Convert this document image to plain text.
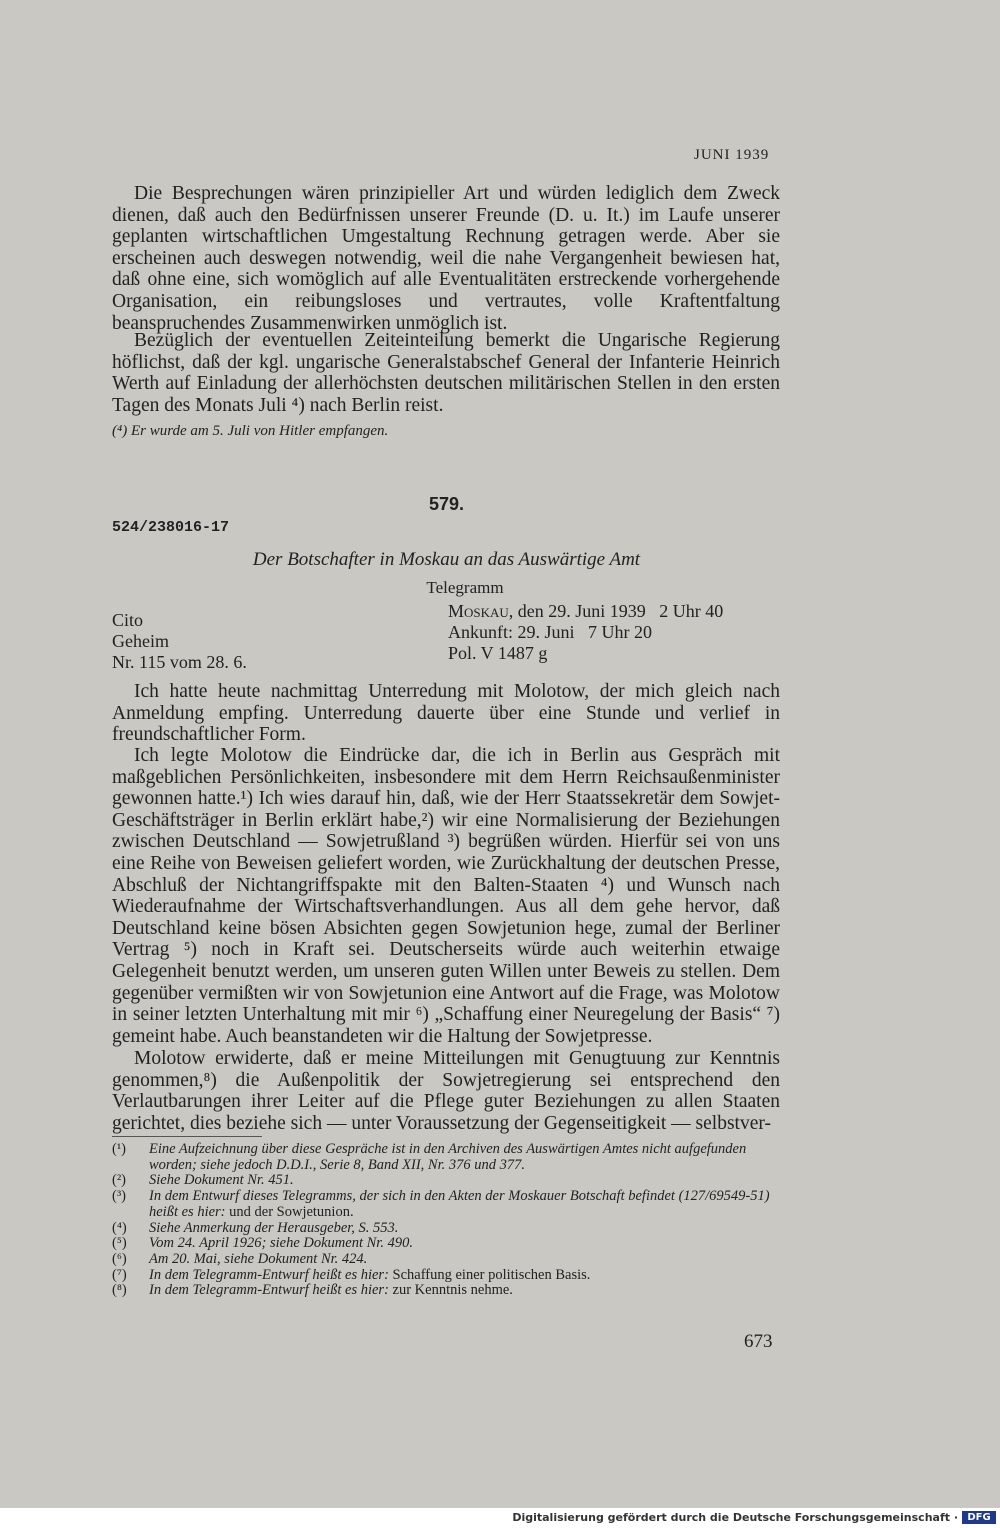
JUNI 1939
Die Besprechungen wären prinzipieller Art und würden lediglich dem Zweck dienen, daß auch den Bedürfnissen unserer Freunde (D. u. It.) im Laufe unserer geplanten wirtschaftlichen Umgestaltung Rechnung getragen werde. Aber sie erscheinen auch deswegen notwendig, weil die nahe Vergangenheit bewiesen hat, daß ohne eine, sich womöglich auf alle Eventualitäten erstreckende vorhergehende Organisation, ein reibungsloses und vertrautes, volle Kraftentfaltung beanspruchendes Zusammenwirken unmöglich ist.
Bezüglich der eventuellen Zeiteinteilung bemerkt die Ungarische Regierung höflichst, daß der kgl. ungarische Generalstabschef General der Infanterie Heinrich Werth auf Einladung der allerhöchsten deutschen militärischen Stellen in den ersten Tagen des Monats Juli ⁴) nach Berlin reist.
(⁴) Er wurde am 5. Juli von Hitler empfangen.
579.
524/238016-17
Der Botschafter in Moskau an das Auswärtige Amt
Telegramm
Cito
Geheim
Nr. 115 vom 28. 6.
Moskau, den 29. Juni 1939   2 Uhr 40
Ankunft: 29. Juni   7 Uhr 20
Pol. V 1487 g
Ich hatte heute nachmittag Unterredung mit Molotow, der mich gleich nach Anmeldung empfing. Unterredung dauerte über eine Stunde und verlief in freundschaftlicher Form.
Ich legte Molotow die Eindrücke dar, die ich in Berlin aus Gespräch mit maßgeblichen Persönlichkeiten, insbesondere mit dem Herrn Reichsaußenminister gewonnen hatte.¹) Ich wies darauf hin, daß, wie der Herr Staatssekretär dem Sowjet-Geschäftsträger in Berlin erklärt habe,²) wir eine Normalisierung der Beziehungen zwischen Deutschland — Sowjetrußland ³) begrüßen würden. Hierfür sei von uns eine Reihe von Beweisen geliefert worden, wie Zurückhaltung der deutschen Presse, Abschluß der Nichtangriffspakte mit den Balten-Staaten ⁴) und Wunsch nach Wiederaufnahme der Wirtschaftsverhandlungen. Aus all dem gehe hervor, daß Deutschland keine bösen Absichten gegen Sowjetunion hege, zumal der Berliner Vertrag ⁵) noch in Kraft sei. Deutscherseits würde auch weiterhin etwaige Gelegenheit benutzt werden, um unseren guten Willen unter Beweis zu stellen. Dem gegenüber vermißten wir von Sowjetunion eine Antwort auf die Frage, was Molotow in seiner letzten Unterhaltung mit mir ⁶) „Schaffung einer Neuregelung der Basis“ ⁷) gemeint habe. Auch beanstandeten wir die Haltung der Sowjetpresse.
Molotow erwiderte, daß er meine Mitteilungen mit Genugtuung zur Kenntnis genommen,⁸) die Außenpolitik der Sowjetregierung sei entsprechend den Verlautbarungen ihrer Leiter auf die Pflege guter Beziehungen zu allen Staaten gerichtet, dies beziehe sich — unter Voraussetzung der Gegenseitigkeit — selbstver-
(¹)	Eine Aufzeichnung über diese Gespräche ist in den Archiven des Auswärtigen Amtes nicht aufgefunden worden; siehe jedoch D.D.I., Serie 8, Band XII, Nr. 376 und 377.
(²)	Siehe Dokument Nr. 451.
(³)	In dem Entwurf dieses Telegramms, der sich in den Akten der Moskauer Botschaft befindet (127/69549-51) heißt es hier: und der Sowjetunion.
(⁴)	Siehe Anmerkung der Herausgeber, S. 553.
(⁵)	Vom 24. April 1926; siehe Dokument Nr. 490.
(⁶)	Am 20. Mai, siehe Dokument Nr. 424.
(⁷)	In dem Telegramm-Entwurf heißt es hier: Schaffung einer politischen Basis.
(⁸)	In dem Telegramm-Entwurf heißt es hier: zur Kenntnis nehme.
673
Digitalisierung gefördert durch die Deutsche Forschungsgemeinschaft · DFG
